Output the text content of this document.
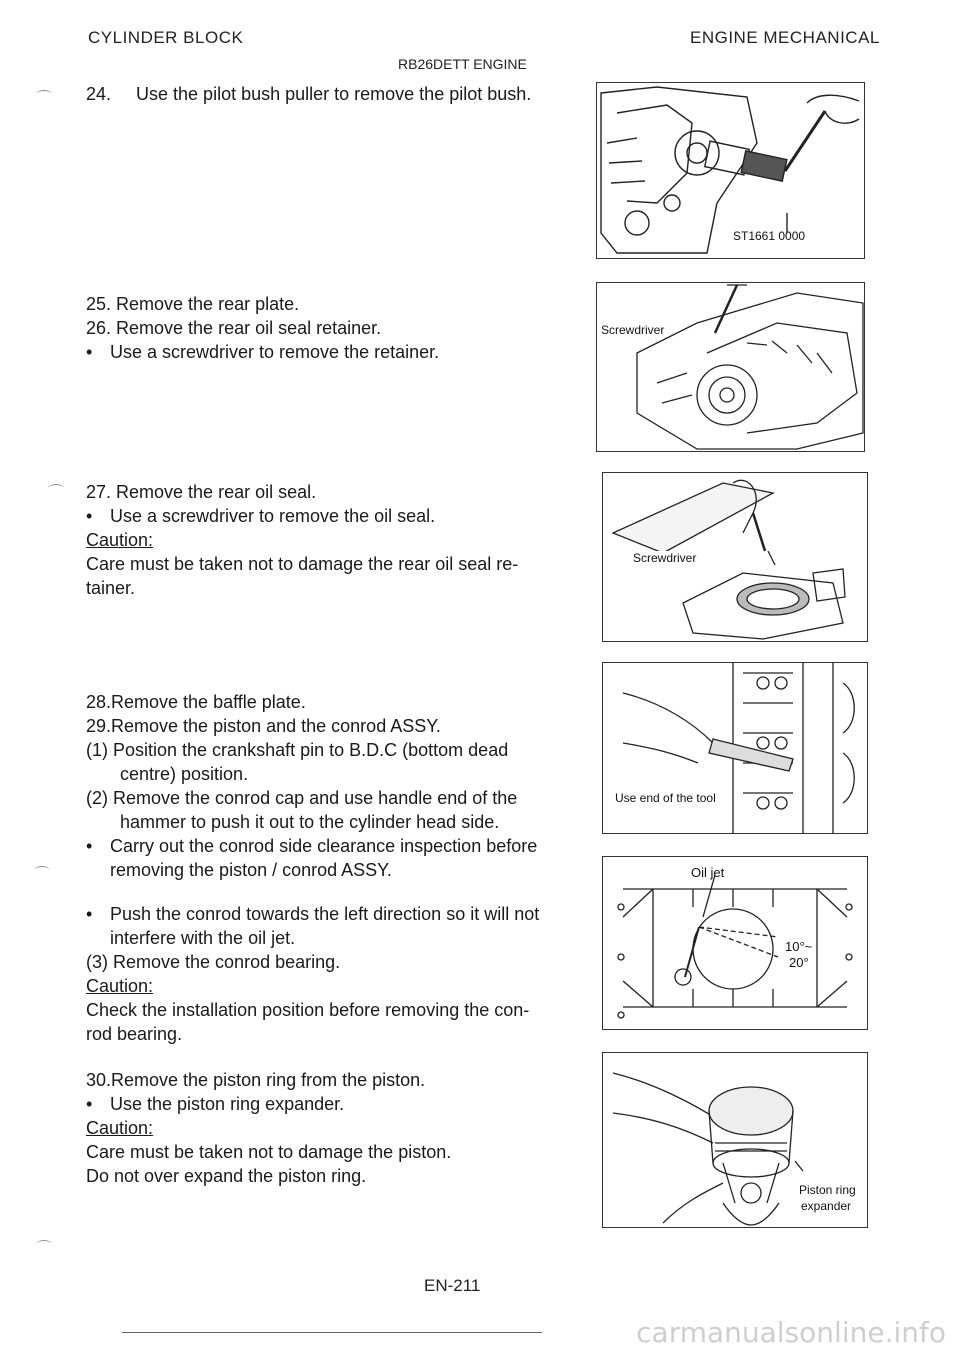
CYLINDER BLOCK	ENGINE MECHANICAL
RB26DETT ENGINE
24.     Use the pilot bush puller to remove the pilot bush.
25. Remove the rear plate.
26. Remove the rear oil seal retainer.
• Use a screwdriver to remove the retainer.
27. Remove the rear oil seal.
• Use a screwdriver to remove the oil seal.
Caution:
Care must be taken not to damage the rear oil seal re-
tainer.
28.Remove the baffle plate.
29.Remove the piston and the conrod ASSY.
(1) Position the crankshaft pin to B.D.C (bottom dead
centre) position.
(2) Remove the conrod cap and use handle end of the
hammer to push it out to the cylinder head side.
• Carry out the conrod side clearance inspection before
removing the piston / conrod ASSY.
• Push the conrod towards the left direction so it will not
interfere with the oil jet.
(3) Remove the conrod bearing.
Caution:
Check the installation position before removing the con-
rod bearing.
30.Remove the piston ring from the piston.
• Use the piston ring expander.
Caution:
Care must be taken not to damage the piston.
Do not over expand the piston ring.
ST1661 0000
Screwdriver
Screwdriver
Use end of the tool
Oil jet
10°~
20°
Piston ring
expander
EN-211
carmanualsonline.info
